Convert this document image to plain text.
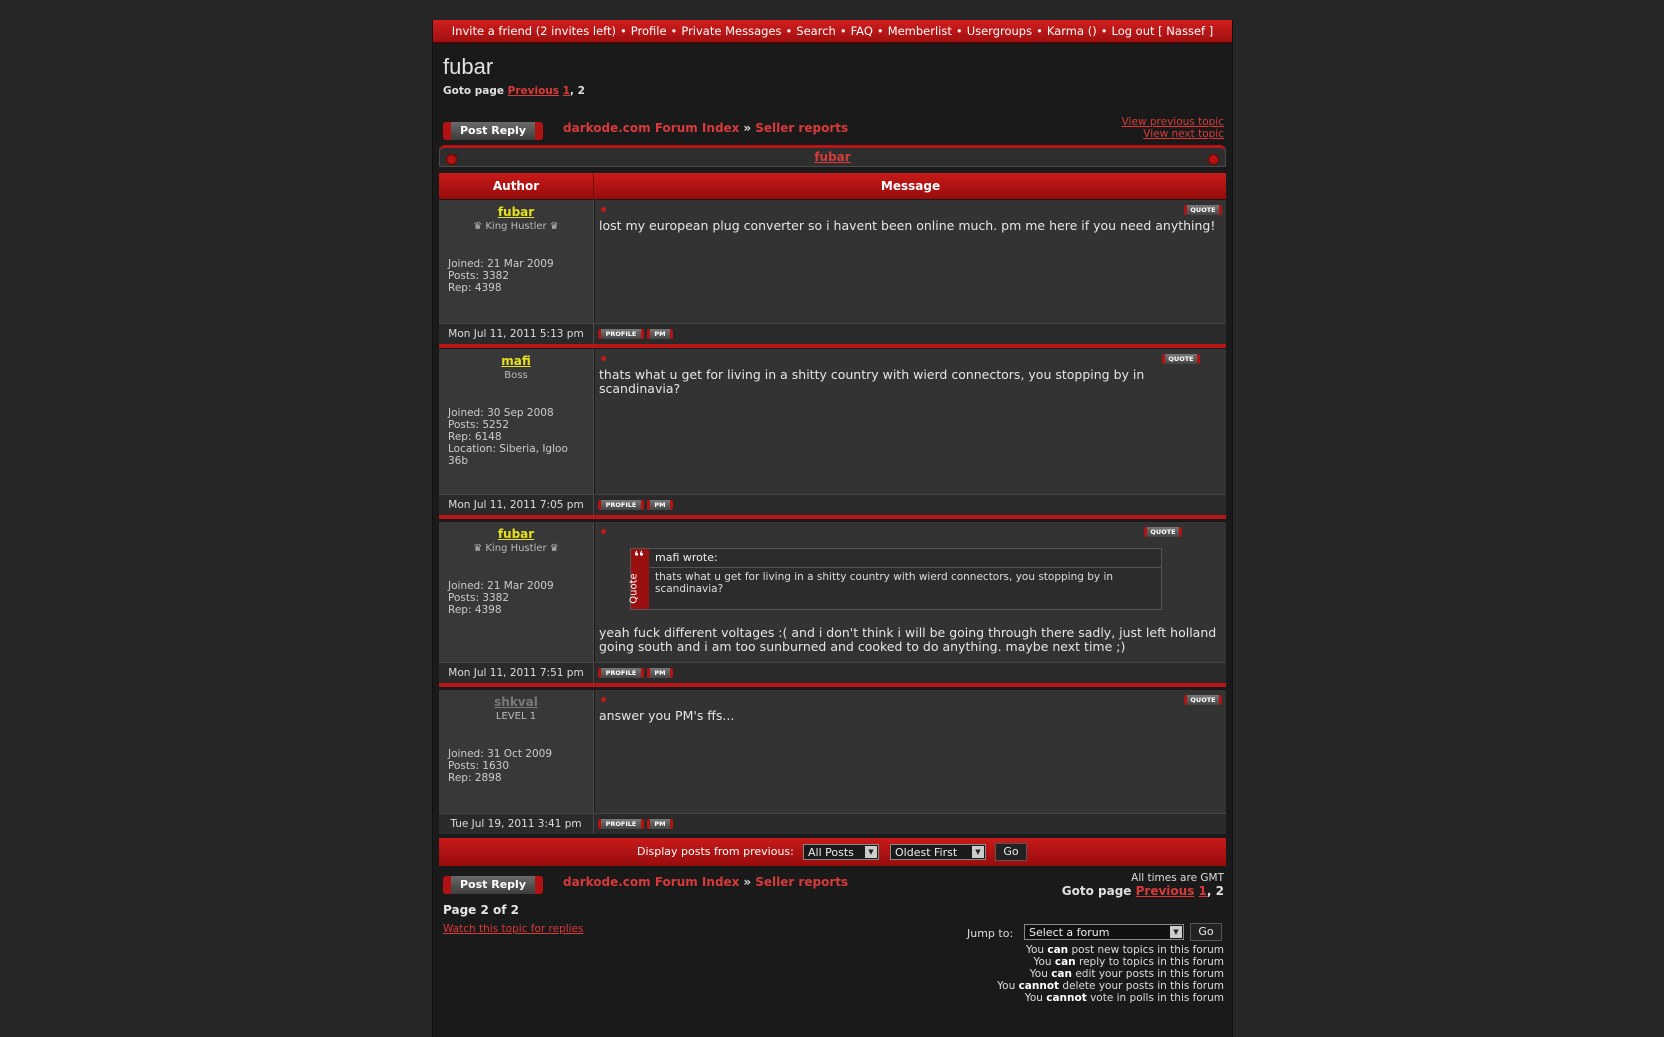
Invite a friend (2 invites left) • Profile • Private Messages • Search • FAQ • Memberlist • Usergroups • Karma () • Log out [ Nassef ]
fubar
Goto page Previous 1, 2
Post Reply	darkode.com Forum Index » Seller reports	View previous topic
View next topic
fubar
Author	Message
fubar
♛ King Hustler ♛
Joined: 21 Mar 2009
Posts: 3382
Rep: 4398
QUOTE
lost my european plug converter so i havent been online much. pm me here if you need anything!
Mon Jul 11, 2011 5:13 pm	PROFILE	PM
mafi
Boss
Joined: 30 Sep 2008
Posts: 5252
Rep: 6148
Location: Siberia, Igloo
36b
QUOTE
thats what u get for living in a shitty country with wierd connectors, you stopping by in scandinavia?
Mon Jul 11, 2011 7:05 pm	PROFILE	PM
fubar
♛ King Hustler ♛
Joined: 21 Mar 2009
Posts: 3382
Rep: 4398
QUOTE
❛❛
Quote
mafi wrote:
thats what u get for living in a shitty country with wierd connectors, you stopping by in scandinavia?
yeah fuck different voltages :( and i don't think i will be going through there sadly, just left holland going south and i am too sunburned and cooked to do anything. maybe next time ;)
Mon Jul 11, 2011 7:51 pm	PROFILE	PM
shkval
LEVEL 1
Joined: 31 Oct 2009
Posts: 1630
Rep: 2898
QUOTE
answer you PM's ffs...
Tue Jul 19, 2011 3:41 pm	PROFILE	PM
Display posts from previous:	All Posts	▼	Oldest First	▼	Go
Post Reply	darkode.com Forum Index » Seller reports	All times are GMT
Goto page Previous 1, 2
Page 2 of 2
Watch this topic for replies	Jump to:	Select a forum	▼	Go
You can post new topics in this forum
You can reply to topics in this forum
You can edit your posts in this forum
You cannot delete your posts in this forum
You cannot vote in polls in this forum
